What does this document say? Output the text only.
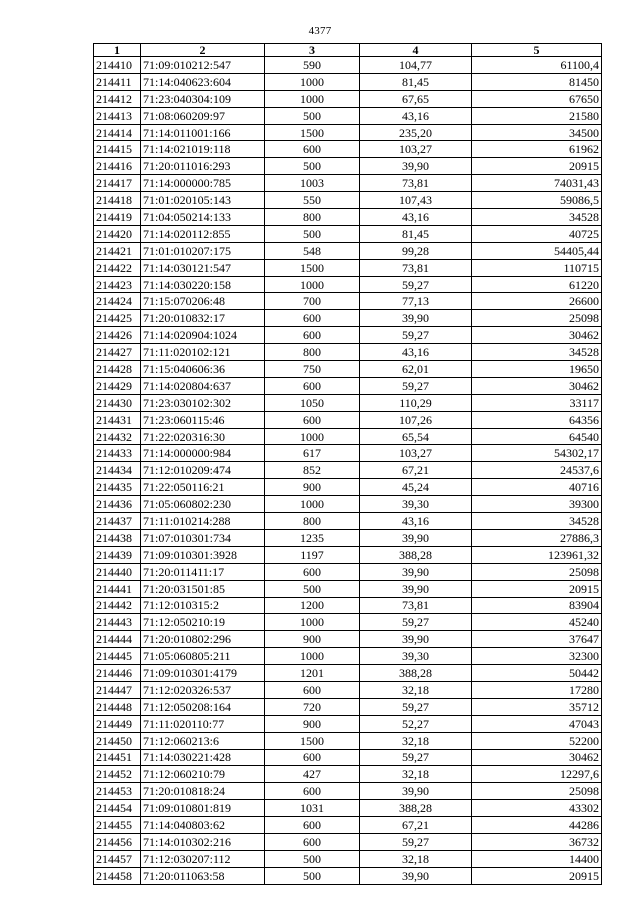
4377
1	2	3	4	5
214410	71:09:010212:547	590	104,77	61100,4
214411	71:14:040623:604	1000	81,45	81450
214412	71:23:040304:109	1000	67,65	67650
214413	71:08:060209:97	500	43,16	21580
214414	71:14:011001:166	1500	235,20	34500
214415	71:14:021019:118	600	103,27	61962
214416	71:20:011016:293	500	39,90	20915
214417	71:14:000000:785	1003	73,81	74031,43
214418	71:01:020105:143	550	107,43	59086,5
214419	71:04:050214:133	800	43,16	34528
214420	71:14:020112:855	500	81,45	40725
214421	71:01:010207:175	548	99,28	54405,44
214422	71:14:030121:547	1500	73,81	110715
214423	71:14:030220:158	1000	59,27	61220
214424	71:15:070206:48	700	77,13	26600
214425	71:20:010832:17	600	39,90	25098
214426	71:14:020904:1024	600	59,27	30462
214427	71:11:020102:121	800	43,16	34528
214428	71:15:040606:36	750	62,01	19650
214429	71:14:020804:637	600	59,27	30462
214430	71:23:030102:302	1050	110,29	33117
214431	71:23:060115:46	600	107,26	64356
214432	71:22:020316:30	1000	65,54	64540
214433	71:14:000000:984	617	103,27	54302,17
214434	71:12:010209:474	852	67,21	24537,6
214435	71:22:050116:21	900	45,24	40716
214436	71:05:060802:230	1000	39,30	39300
214437	71:11:010214:288	800	43,16	34528
214438	71:07:010301:734	1235	39,90	27886,3
214439	71:09:010301:3928	1197	388,28	123961,32
214440	71:20:011411:17	600	39,90	25098
214441	71:20:031501:85	500	39,90	20915
214442	71:12:010315:2	1200	73,81	83904
214443	71:12:050210:19	1000	59,27	45240
214444	71:20:010802:296	900	39,90	37647
214445	71:05:060805:211	1000	39,30	32300
214446	71:09:010301:4179	1201	388,28	50442
214447	71:12:020326:537	600	32,18	17280
214448	71:12:050208:164	720	59,27	35712
214449	71:11:020110:77	900	52,27	47043
214450	71:12:060213:6	1500	32,18	52200
214451	71:14:030221:428	600	59,27	30462
214452	71:12:060210:79	427	32,18	12297,6
214453	71:20:010818:24	600	39,90	25098
214454	71:09:010801:819	1031	388,28	43302
214455	71:14:040803:62	600	67,21	44286
214456	71:14:010302:216	600	59,27	36732
214457	71:12:030207:112	500	32,18	14400
214458	71:20:011063:58	500	39,90	20915
